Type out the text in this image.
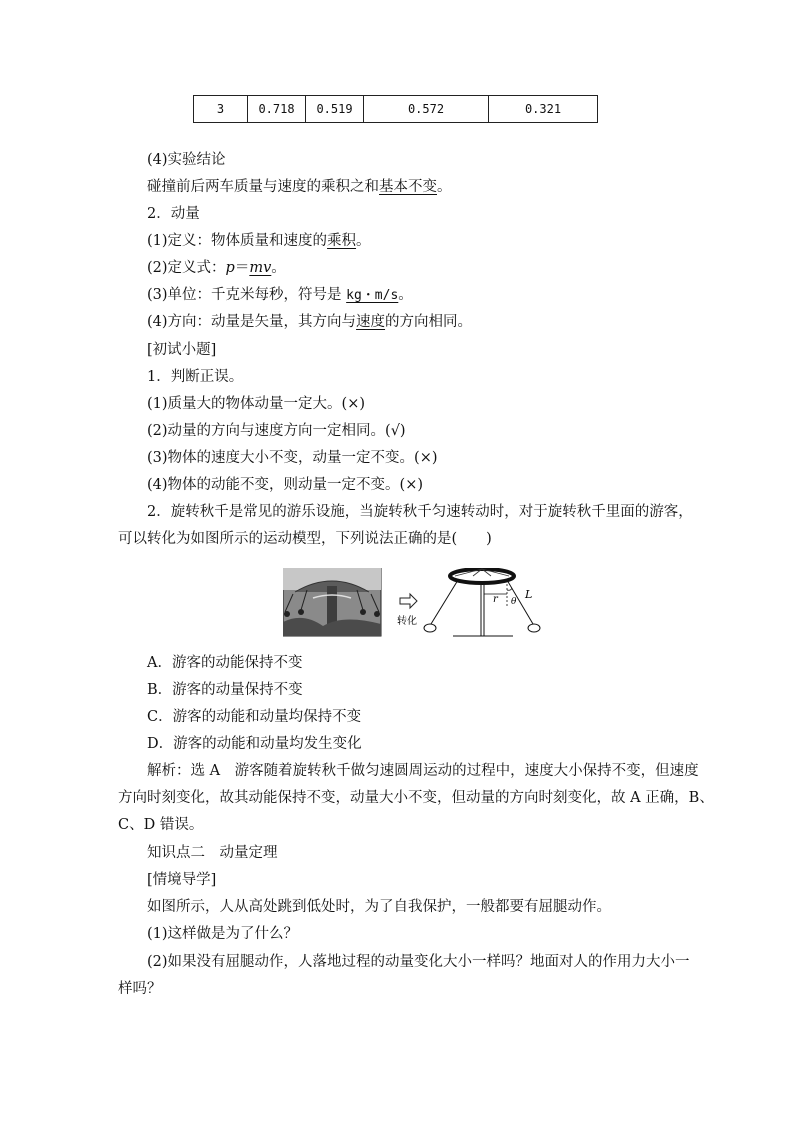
3	0.718	0.519	0.572	0.321
(4)实验结论
碰撞前后两车质量与速度的乘积之和基本不变。
2．动量
(1)定义：物体质量和速度的乘积。
(2)定义式：p＝mv。
(3)单位：千克米每秒，符号是 kg・m/s。
(4)方向：动量是矢量，其方向与速度的方向相同。
[初试小题]
1．判断正误。
(1)质量大的物体动量一定大。(×)
(2)动量的方向与速度方向一定相同。(√)
(3)物体的速度大小不变，动量一定不变。(×)
(4)物体的动能不变，则动量一定不变。(×)
2．旋转秋千是常见的游乐设施，当旋转秋千匀速转动时，对于旋转秋千里面的游客，
可以转化为如图所示的运动模型，下列说法正确的是(　　)
转化
r θ
L
A．游客的动能保持不变
B．游客的动量保持不变
C．游客的动能和动量均保持不变
D．游客的动能和动量均发生变化
解析：选 A　游客随着旋转秋千做匀速圆周运动的过程中，速度大小保持不变，但速度
方向时刻变化，故其动能保持不变，动量大小不变，但动量的方向时刻变化，故 A 正确，B、
C、D 错误。
知识点二　动量定理
[情境导学]
如图所示，人从高处跳到低处时，为了自我保护，一般都要有屈腿动作。
(1)这样做是为了什么？
(2)如果没有屈腿动作，人落地过程的动量变化大小一样吗？地面对人的作用力大小一
样吗？
